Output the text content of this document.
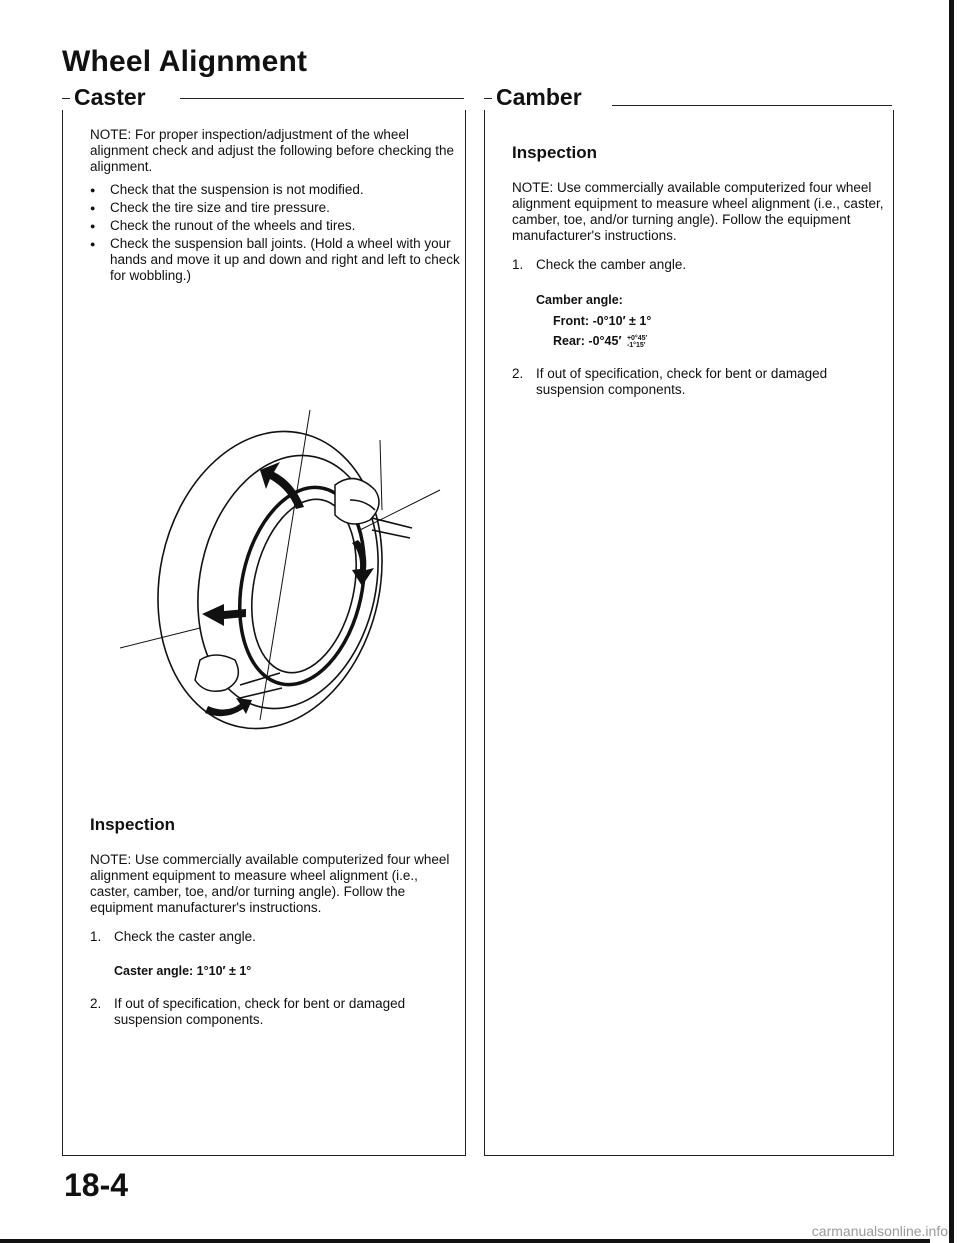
Wheel Alignment
Caster
NOTE: For proper inspection/adjustment of the wheel alignment check and adjust the following before checking the alignment.
● Check that the suspension is not modified.
● Check the tire size and tire pressure.
● Check the runout of the wheels and tires.
● Check the suspension ball joints. (Hold a wheel with your hands and move it up and down and right and left to check for wobbling.)
Inspection
NOTE: Use commercially available computerized four wheel alignment equipment to measure wheel alignment (i.e., caster, camber, toe, and/or turning angle). Follow the equipment manufacturer's instructions.
1. Check the caster angle.
Caster angle: 1°10′ ± 1°
2. If out of specification, check for bent or damaged suspension components.
Camber
Inspection
NOTE: Use commercially available computerized four wheel alignment equipment to measure wheel alignment (i.e., caster, camber, toe, and/or turning angle). Follow the equipment manufacturer's instructions.
1. Check the camber angle.
Camber angle:
Front: -0°10′ ± 1°
Rear: -0°45′ +0°45′
-1°15′
2. If out of specification, check for bent or damaged suspension components.
18-4
carmanualsonline.info
